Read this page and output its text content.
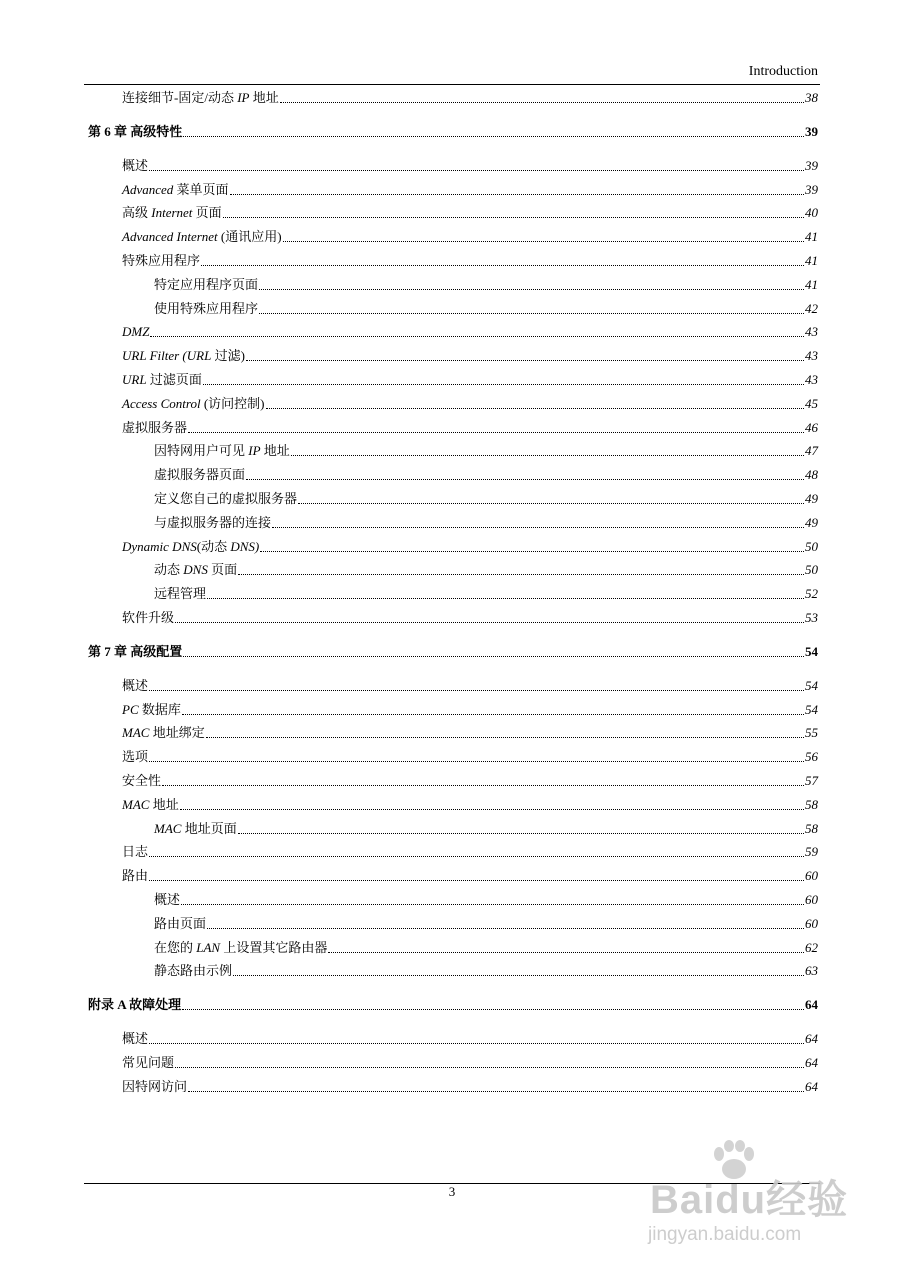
Introduction
连接细节-固定/动态 IP 地址	38
第 6 章 高级特性	39
概述	39
Advanced 菜单页面	39
高级 Internet 页面	40
Advanced Internet (通讯应用)	41
特殊应用程序	41
特定应用程序页面	41
使用特殊应用程序	42
DMZ	43
URL Filter (URL 过滤)	43
URL 过滤页面	43
Access Control (访问控制)	45
虚拟服务器	46
因特网用户可见 IP 地址	47
虚拟服务器页面	48
定义您自己的虚拟服务器	49
与虚拟服务器的连接	49
Dynamic DNS(动态 DNS)	50
动态 DNS 页面	50
远程管理	52
软件升级	53
第 7 章 高级配置	54
概述	54
PC 数据库	54
MAC 地址绑定	55
选项	56
安全性	57
MAC 地址	58
MAC 地址页面	58
日志	59
路由	60
概述	60
路由页面	60
在您的 LAN 上设置其它路由器	62
静态路由示例	63
附录 A 故障处理	64
概述	64
常见问题	64
因特网访问	64
3	Baidu经验
jingyan.baidu.com
